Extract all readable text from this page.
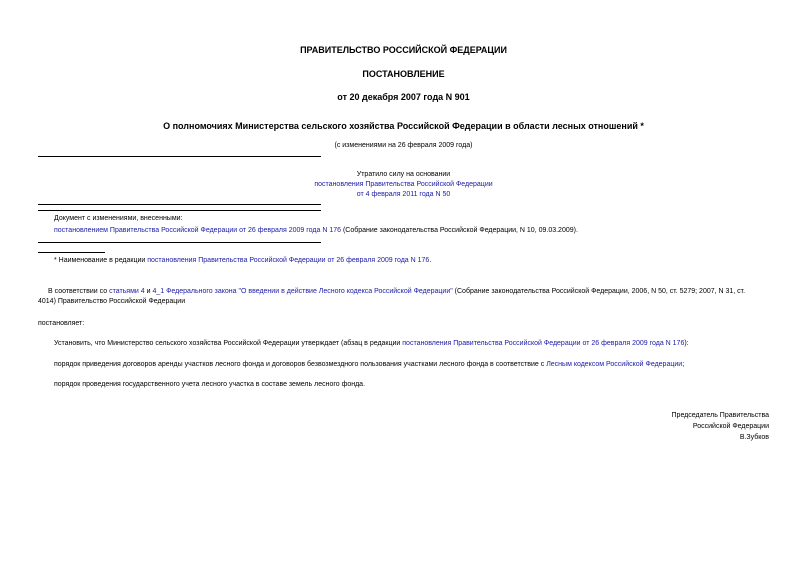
ПРАВИТЕЛЬСТВО РОССИЙСКОЙ ФЕДЕРАЦИИ
ПОСТАНОВЛЕНИЕ
от 20 декабря 2007 года N 901
О полномочиях Министерства сельского хозяйства Российской Федерации в области лесных отношений *
(с изменениями на 26 февраля 2009 года)
Утратило силу на основании
постановления Правительства Российской Федерации
от 4 февраля 2011 года N 50
Документ с изменениями, внесенными:
постановлением Правительства Российской Федерации от 26 февраля 2009 года N 176 (Собрание законодательства Российской Федерации, N 10, 09.03.2009).
* Наименование в редакции постановления Правительства Российской Федерации от 26 февраля 2009 года N 176.
В соответствии со статьями 4 и 4_1 Федерального закона "О введении в действие Лесного кодекса Российской Федерации" (Собрание законодательства Российской Федерации, 2006, N 50, ст. 5279; 2007, N 31, ст.
4014) Правительство Российской Федерации
постановляет:
Установить, что Министерство сельского хозяйства Российской Федерации утверждает (абзац в редакции постановления Правительства Российской Федерации от 26 февраля 2009 года N 176):
порядок приведения договоров аренды участков лесного фонда и договоров безвозмездного пользования участками лесного фонда в соответствие с Лесным кодексом Российской Федерации;
порядок проведения государственного учета лесного участка в составе земель лесного фонда.
Председатель Правительства
Российской Федерации
В.Зубков
